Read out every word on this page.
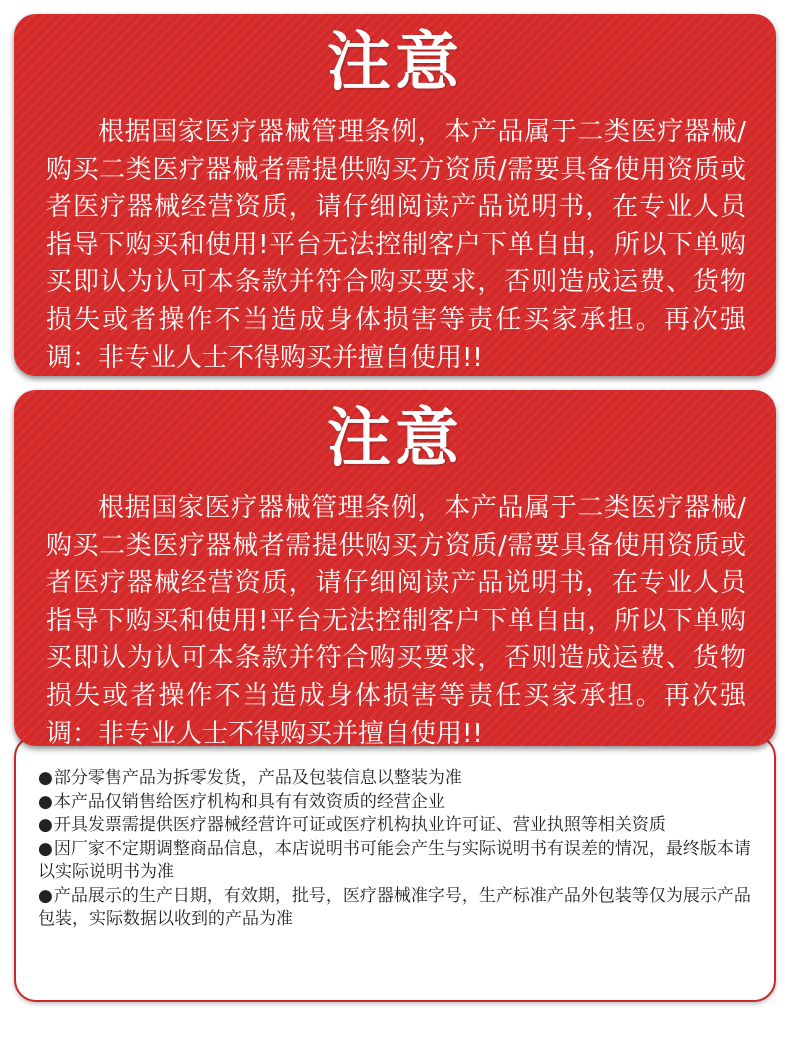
注意
根据国家医疗器械管理条例，本产品属于二类医疗器械/购买二类医疗器械者需提供购买方资质/需要具备使用资质或者医疗器械经营资质，请仔细阅读产品说明书，在专业人员指导下购买和使用!平台无法控制客户下单自由，所以下单购买即认为认可本条款并符合购买要求，否则造成运费、货物损失或者操作不当造成身体损害等责任买家承担。再次强调：非专业人士不得购买并擅自使用!!
●部分零售产品为拆零发货，产品及包装信息以整装为准
●本产品仅销售给医疗机构和具有有效资质的经营企业
●开具发票需提供医疗器械经营许可证或医疗机构执业许可证、营业执照等相关资质
●因厂家不定期调整商品信息，本店说明书可能会产生与实际说明书有误差的情况，最终版本请以实际说明书为准
●产品展示的生产日期，有效期，批号，医疗器械准字号，生产标准产品外包装等仅为展示产品包装，实际数据以收到的产品为准
注意
根据国家医疗器械管理条例，本产品属于二类医疗器械/购买二类医疗器械者需提供购买方资质/需要具备使用资质或者医疗器械经营资质，请仔细阅读产品说明书，在专业人员指导下购买和使用!平台无法控制客户下单自由，所以下单购买即认为认可本条款并符合购买要求，否则造成运费、货物损失或者操作不当造成身体损害等责任买家承担。再次强调：非专业人士不得购买并擅自使用!!
